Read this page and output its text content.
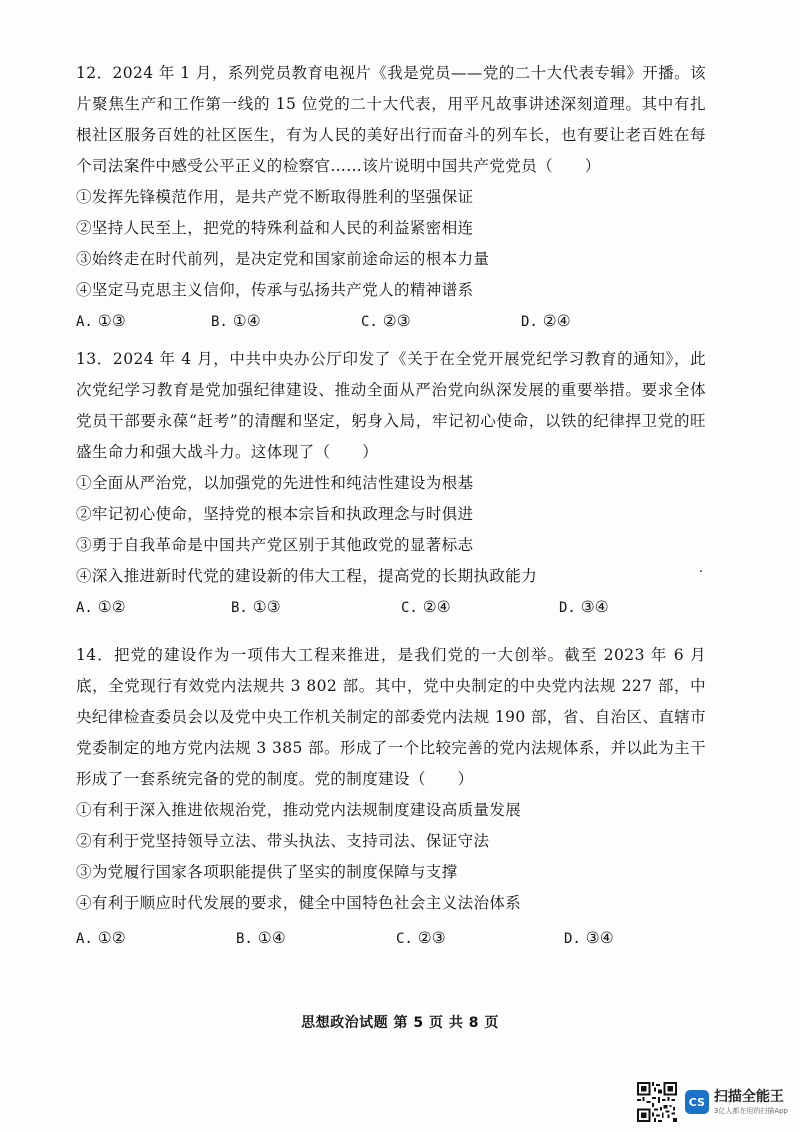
12．2024 年 1 月，系列党员教育电视片《我是党员——党的二十大代表专辑》开播。该片聚焦生产和工作第一线的 15 位党的二十大代表，用平凡故事讲述深刻道理。其中有扎根社区服务百姓的社区医生，有为人民的美好出行而奋斗的列车长，也有要让老百姓在每个司法案件中感受公平正义的检察官……该片说明中国共产党党员（　　）

①发挥先锋模范作用，是共产党不断取得胜利的坚强保证
②坚持人民至上，把党的特殊利益和人民的利益紧密相连
③始终走在时代前列，是决定党和国家前途命运的根本力量
④坚定马克思主义信仰，传承与弘扬共产党人的精神谱系
A. ①③	B. ①④	C. ②③	D. ②④

13．2024 年 4 月，中共中央办公厅印发了《关于在全党开展党纪学习教育的通知》，此次党纪学习教育是党加强纪律建设、推动全面从严治党向纵深发展的重要举措。要求全体党员干部要永葆“赶考”的清醒和坚定，躬身入局，牢记初心使命，以铁的纪律捍卫党的旺盛生命力和强大战斗力。这体现了（　　）

①全面从严治党，以加强党的先进性和纯洁性建设为根基
②牢记初心使命，坚持党的根本宗旨和执政理念与时俱进
③勇于自我革命是中国共产党区别于其他政党的显著标志
④深入推进新时代党的建设新的伟大工程，提高党的长期执政能力
A. ①②	B. ①③	C. ②④	D. ③④

14．把党的建设作为一项伟大工程来推进，是我们党的一大创举。截至 2023 年 6 月底，全党现行有效党内法规共 3 802 部。其中，党中央制定的中央党内法规 227 部，中央纪律检查委员会以及党中央工作机关制定的部委党内法规 190 部，省、自治区、直辖市党委制定的地方党内法规 3 385 部。形成了一个比较完善的党内法规体系，并以此为主干形成了一套系统完备的党的制度。党的制度建设（　　）

①有利于深入推进依规治党，推动党内法规制度建设高质量发展
②有利于党坚持领导立法、带头执法、支持司法、保证守法
③为党履行国家各项职能提供了坚实的制度保障与支撑
④有利于顺应时代发展的要求，健全中国特色社会主义法治体系
A. ①②	B. ①④	C. ②③	D. ③④
思想政治试题 第 5 页 共 8 页
CS 扫描全能王
3亿人都在用的扫描App
